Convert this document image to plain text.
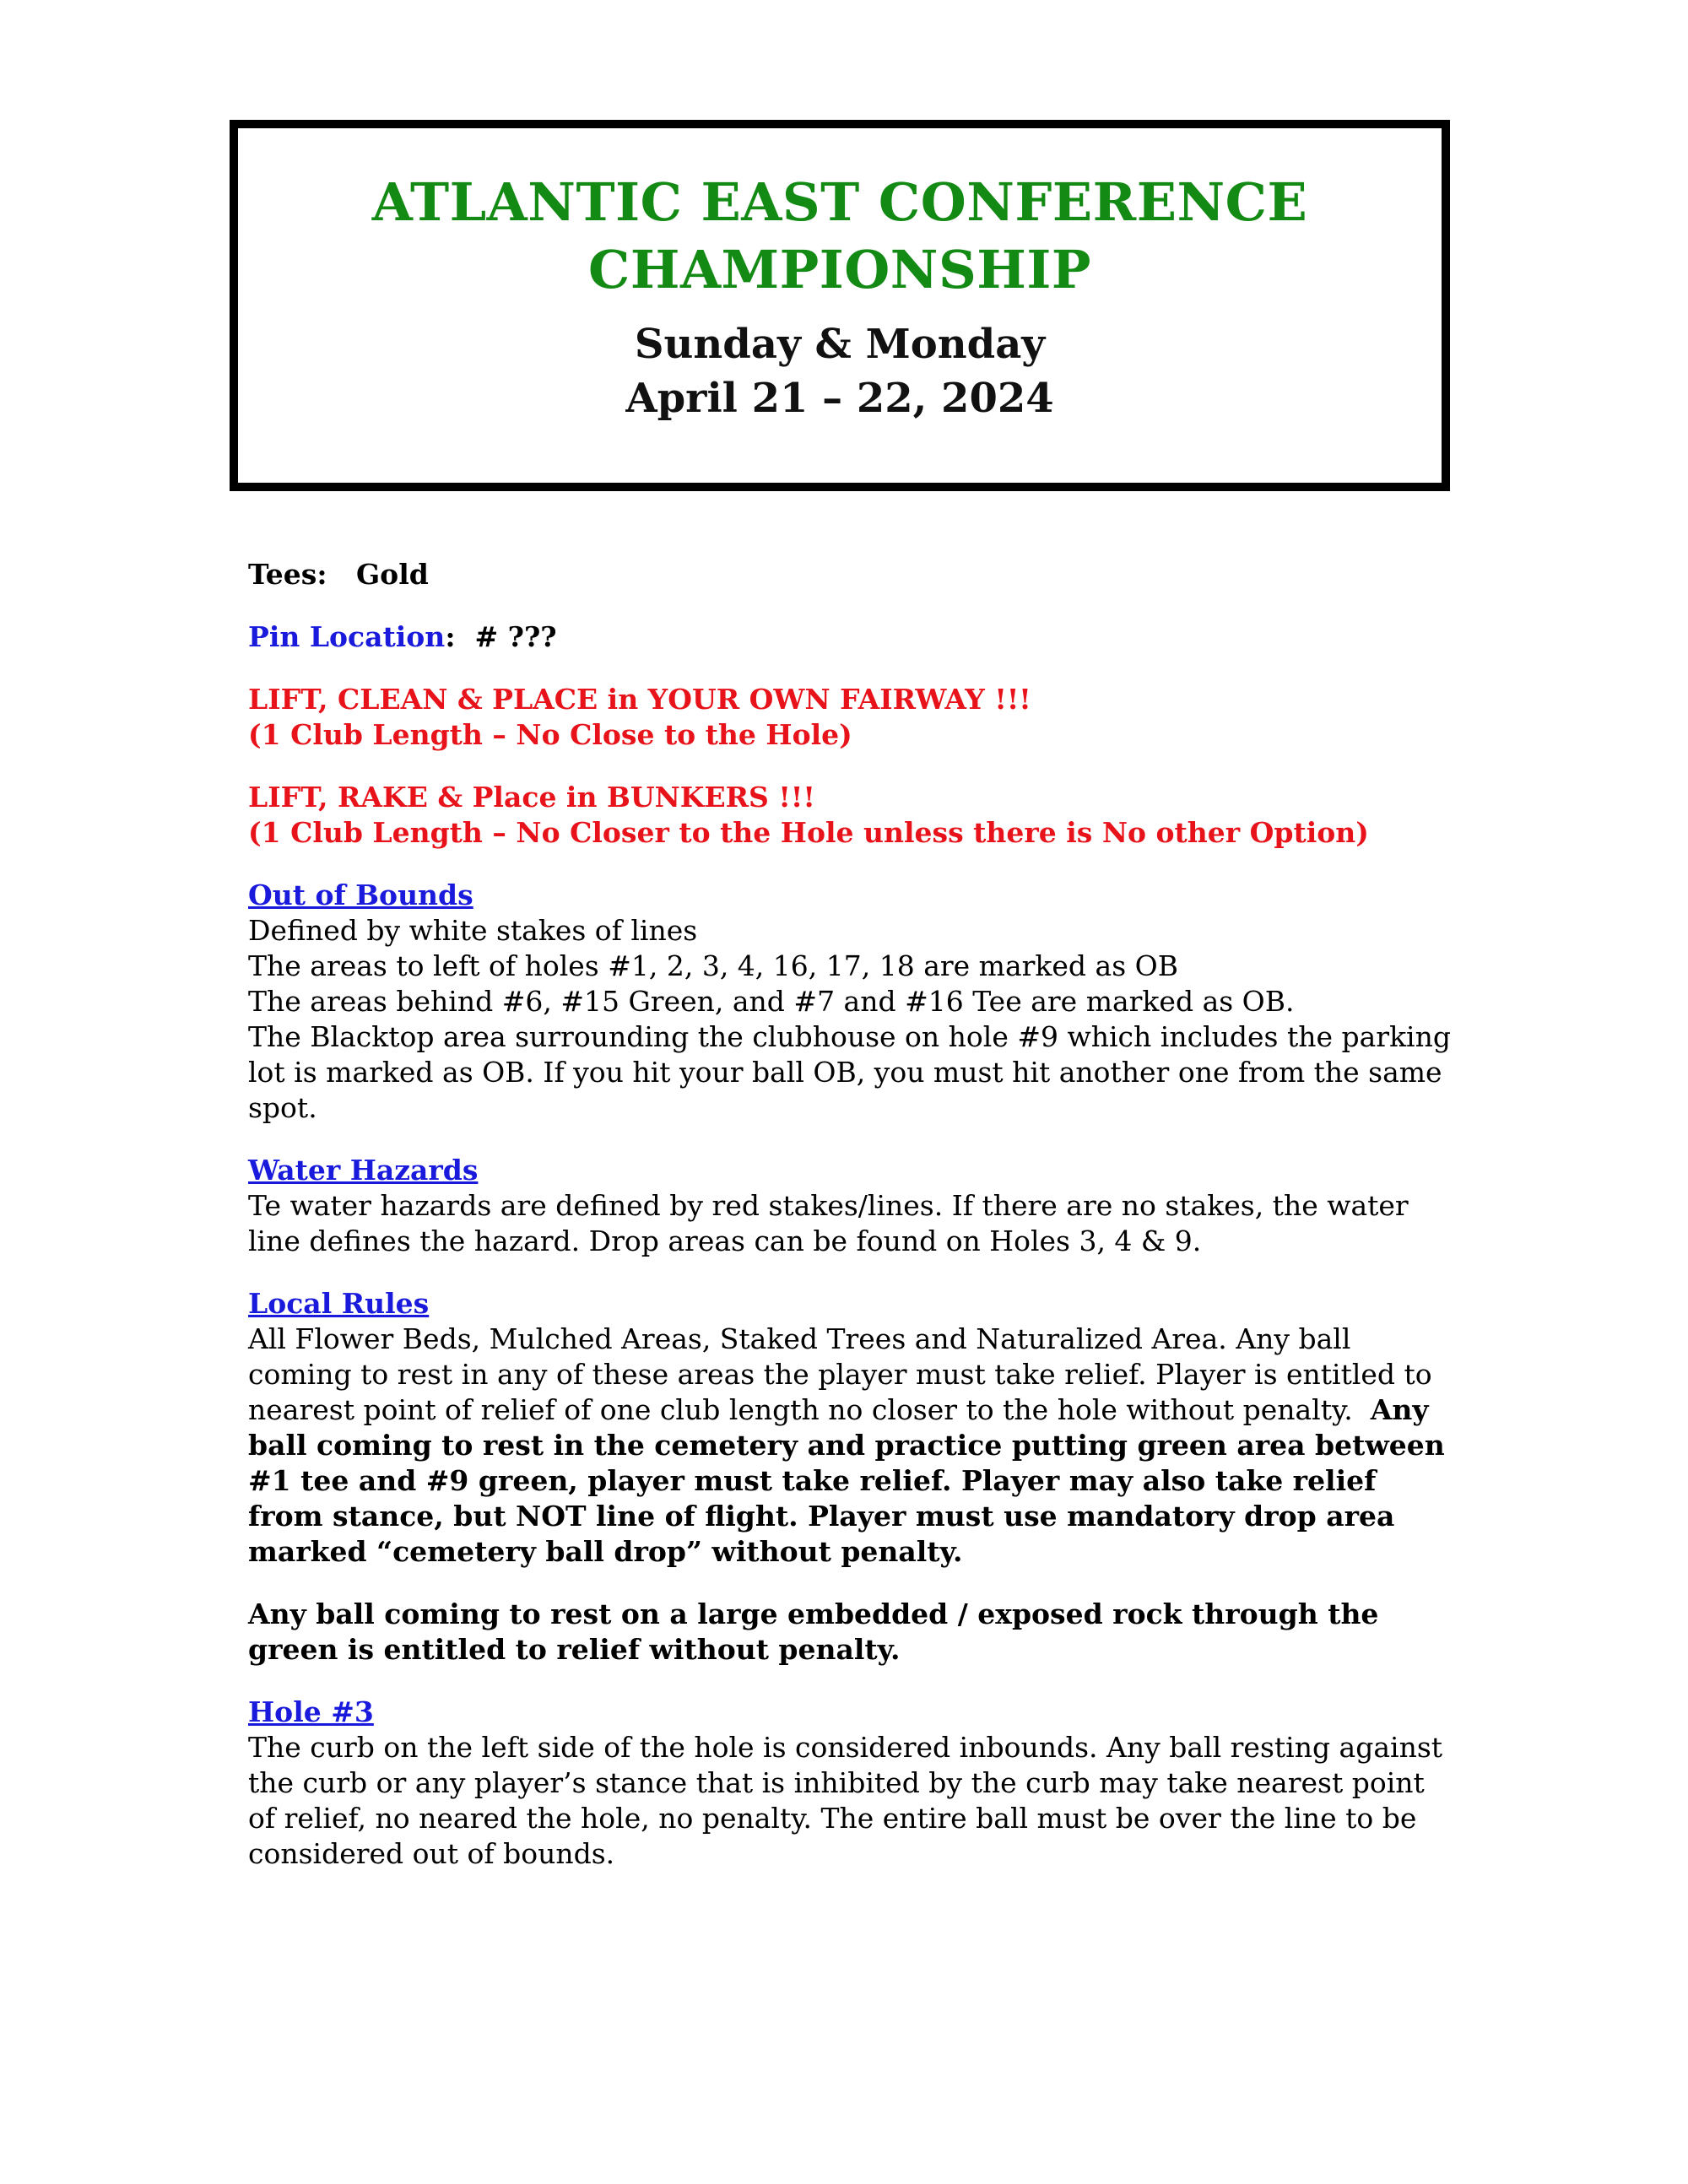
ATLANTIC EAST CONFERENCE
CHAMPIONSHIP
Sunday & Monday
April 21 – 22, 2024

Tees: Gold

Pin Location: # ???

LIFT, CLEAN & PLACE in YOUR OWN FAIRWAY !!!
(1 Club Length – No Close to the Hole)

LIFT, RAKE & Place in BUNKERS !!!
(1 Club Length – No Closer to the Hole unless there is No other Option)

Out of Bounds
Defined by white stakes of lines
The areas to left of holes #1, 2, 3, 4, 16, 17, 18 are marked as OB
The areas behind #6, #15 Green, and #7 and #16 Tee are marked as OB.
The Blacktop area surrounding the clubhouse on hole #9 which includes the parking lot is marked as OB. If you hit your ball OB, you must hit another one from the same spot.
Water Hazards
Te water hazards are defined by red stakes/lines. If there are no stakes, the water line defines the hazard. Drop areas can be found on Holes 3, 4 & 9.
Local Rules
All Flower Beds, Mulched Areas, Staked Trees and Naturalized Area. Any ball coming to rest in any of these areas the player must take relief. Player is entitled to nearest point of relief of one club length no closer to the hole without penalty. Any ball coming to rest in the cemetery and practice putting green area between #1 tee and #9 green, player must take relief. Player may also take relief from stance, but NOT line of flight. Player must use mandatory drop area marked “cemetery ball drop” without penalty.

Any ball coming to rest on a large embedded / exposed rock through the green is entitled to relief without penalty.

Hole #3
The curb on the left side of the hole is considered inbounds. Any ball resting against the curb or any player’s stance that is inhibited by the curb may take nearest point of relief, no neared the hole, no penalty. The entire ball must be over the line to be considered out of bounds.
